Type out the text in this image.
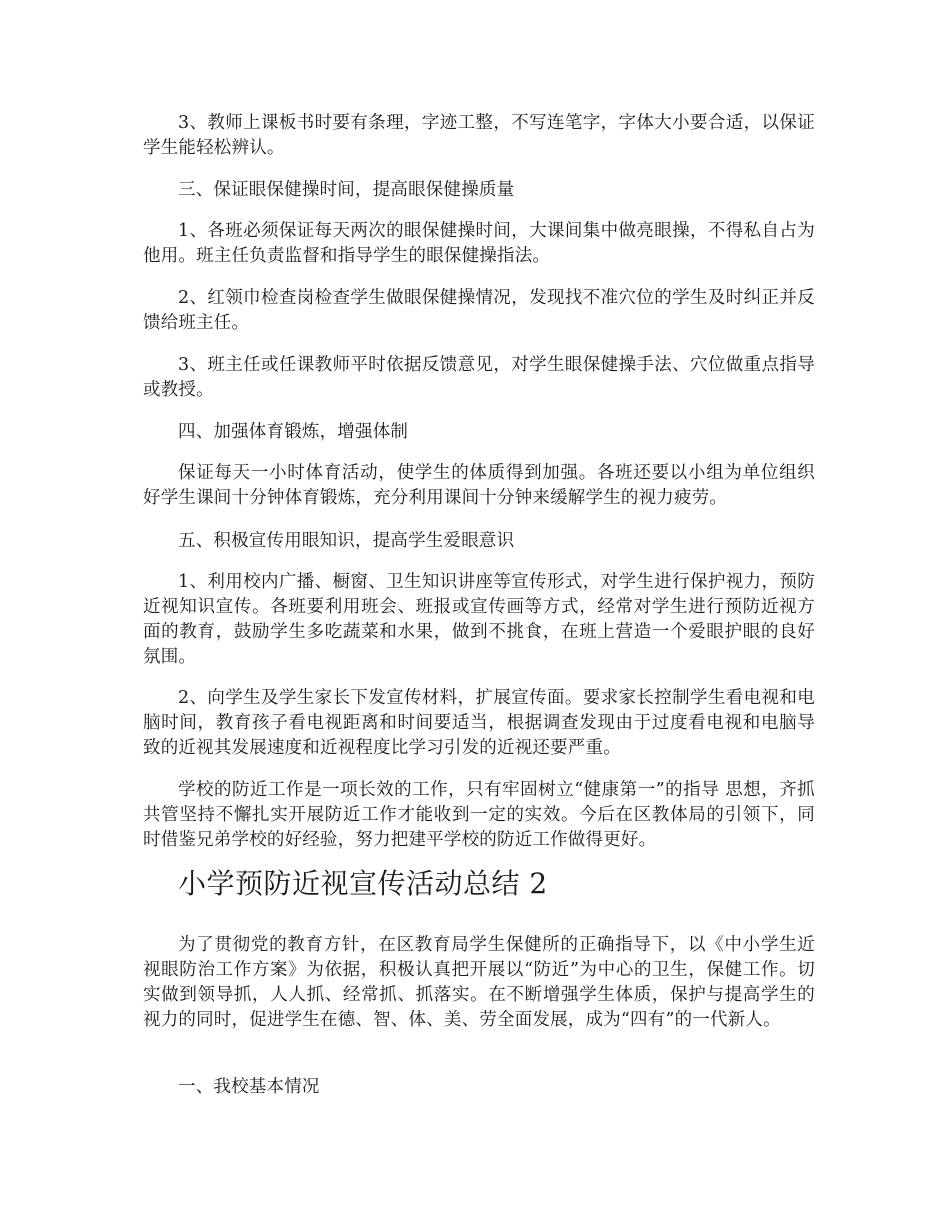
3、教师上课板书时要有条理，字迹工整，不写连笔字，字体大小要合适，以保证学生能轻松辨认。

三、保证眼保健操时间，提高眼保健操质量

1、各班必须保证每天两次的眼保健操时间，大课间集中做亮眼操，不得私自占为他用。班主任负责监督和指导学生的眼保健操指法。

2、红领巾检查岗检查学生做眼保健操情况，发现找不准穴位的学生及时纠正并反馈给班主任。

3、班主任或任课教师平时依据反馈意见，对学生眼保健操手法、穴位做重点指导或教授。

四、加强体育锻炼，增强体制

保证每天一小时体育活动，使学生的体质得到加强。各班还要以小组为单位组织好学生课间十分钟体育锻炼，充分利用课间十分钟来缓解学生的视力疲劳。

五、积极宣传用眼知识，提高学生爱眼意识

1、利用校内广播、橱窗、卫生知识讲座等宣传形式，对学生进行保护视力，预防近视知识宣传。各班要利用班会、班报或宣传画等方式，经常对学生进行预防近视方面的教育，鼓励学生多吃蔬菜和水果，做到不挑食，在班上营造一个爱眼护眼的良好氛围。

2、向学生及学生家长下发宣传材料，扩展宣传面。要求家长控制学生看电视和电脑时间，教育孩子看电视距离和时间要适当，根据调查发现由于过度看电视和电脑导致的近视其发展速度和近视程度比学习引发的近视还要严重。

学校的防近工作是一项长效的工作，只有牢固树立“健康第一”的指导 思想，齐抓共管坚持不懈扎实开展防近工作才能收到一定的实效。今后在区教体局的引领下，同时借鉴兄弟学校的好经验，努力把建平学校的防近工作做得更好。

小学预防近视宣传活动总结 2

为了贯彻党的教育方针，在区教育局学生保健所的正确指导下，以《中小学生近视眼防治工作方案》为依据，积极认真把开展以“防近”为中心的卫生，保健工作。切实做到领导抓，人人抓、经常抓、抓落实。在不断增强学生体质，保护与提高学生的视力的同时，促进学生在德、智、体、美、劳全面发展，成为“四有”的一代新人。

一、我校基本情况
